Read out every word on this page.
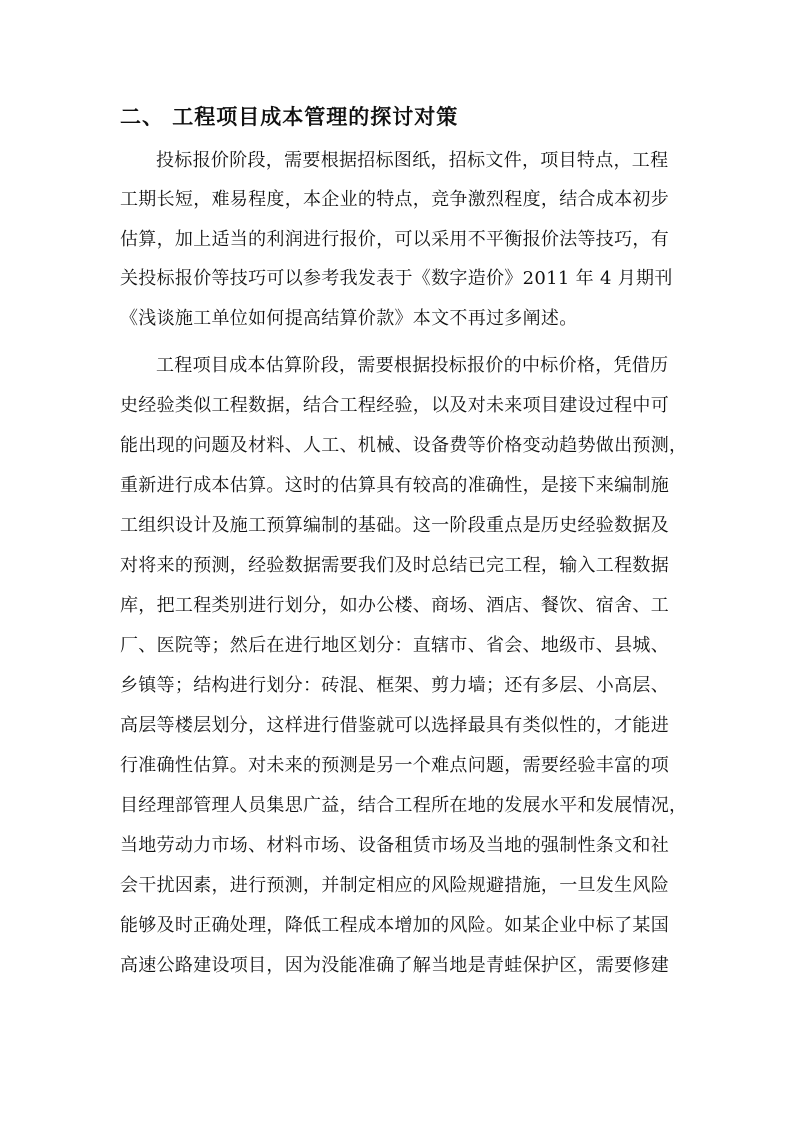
二、 工程项目成本管理的探讨对策
投标报价阶段，需要根据招标图纸，招标文件，项目特点，工程
工期长短，难易程度，本企业的特点，竞争激烈程度，结合成本初步
估算，加上适当的利润进行报价，可以采用不平衡报价法等技巧，有
关投标报价等技巧可以参考我发表于《数字造价》2011 年 4 月期刊
《浅谈施工单位如何提高结算价款》本文不再过多阐述。
工程项目成本估算阶段，需要根据投标报价的中标价格，凭借历
史经验类似工程数据，结合工程经验，以及对未来项目建设过程中可
能出现的问题及材料、人工、机械、设备费等价格变动趋势做出预测，
重新进行成本估算。这时的估算具有较高的准确性，是接下来编制施
工组织设计及施工预算编制的基础。这一阶段重点是历史经验数据及
对将来的预测，经验数据需要我们及时总结已完工程，输入工程数据
库，把工程类别进行划分，如办公楼、商场、酒店、餐饮、宿舍、工
厂、医院等；然后在进行地区划分：直辖市、省会、地级市、县城、
乡镇等；结构进行划分：砖混、框架、剪力墙；还有多层、小高层、
高层等楼层划分，这样进行借鉴就可以选择最具有类似性的，才能进
行准确性估算。对未来的预测是另一个难点问题，需要经验丰富的项
目经理部管理人员集思广益，结合工程所在地的发展水平和发展情况，
当地劳动力市场、材料市场、设备租赁市场及当地的强制性条文和社
会干扰因素，进行预测，并制定相应的风险规避措施，一旦发生风险
能够及时正确处理，降低工程成本增加的风险。如某企业中标了某国
高速公路建设项目，因为没能准确了解当地是青蛙保护区，需要修建
